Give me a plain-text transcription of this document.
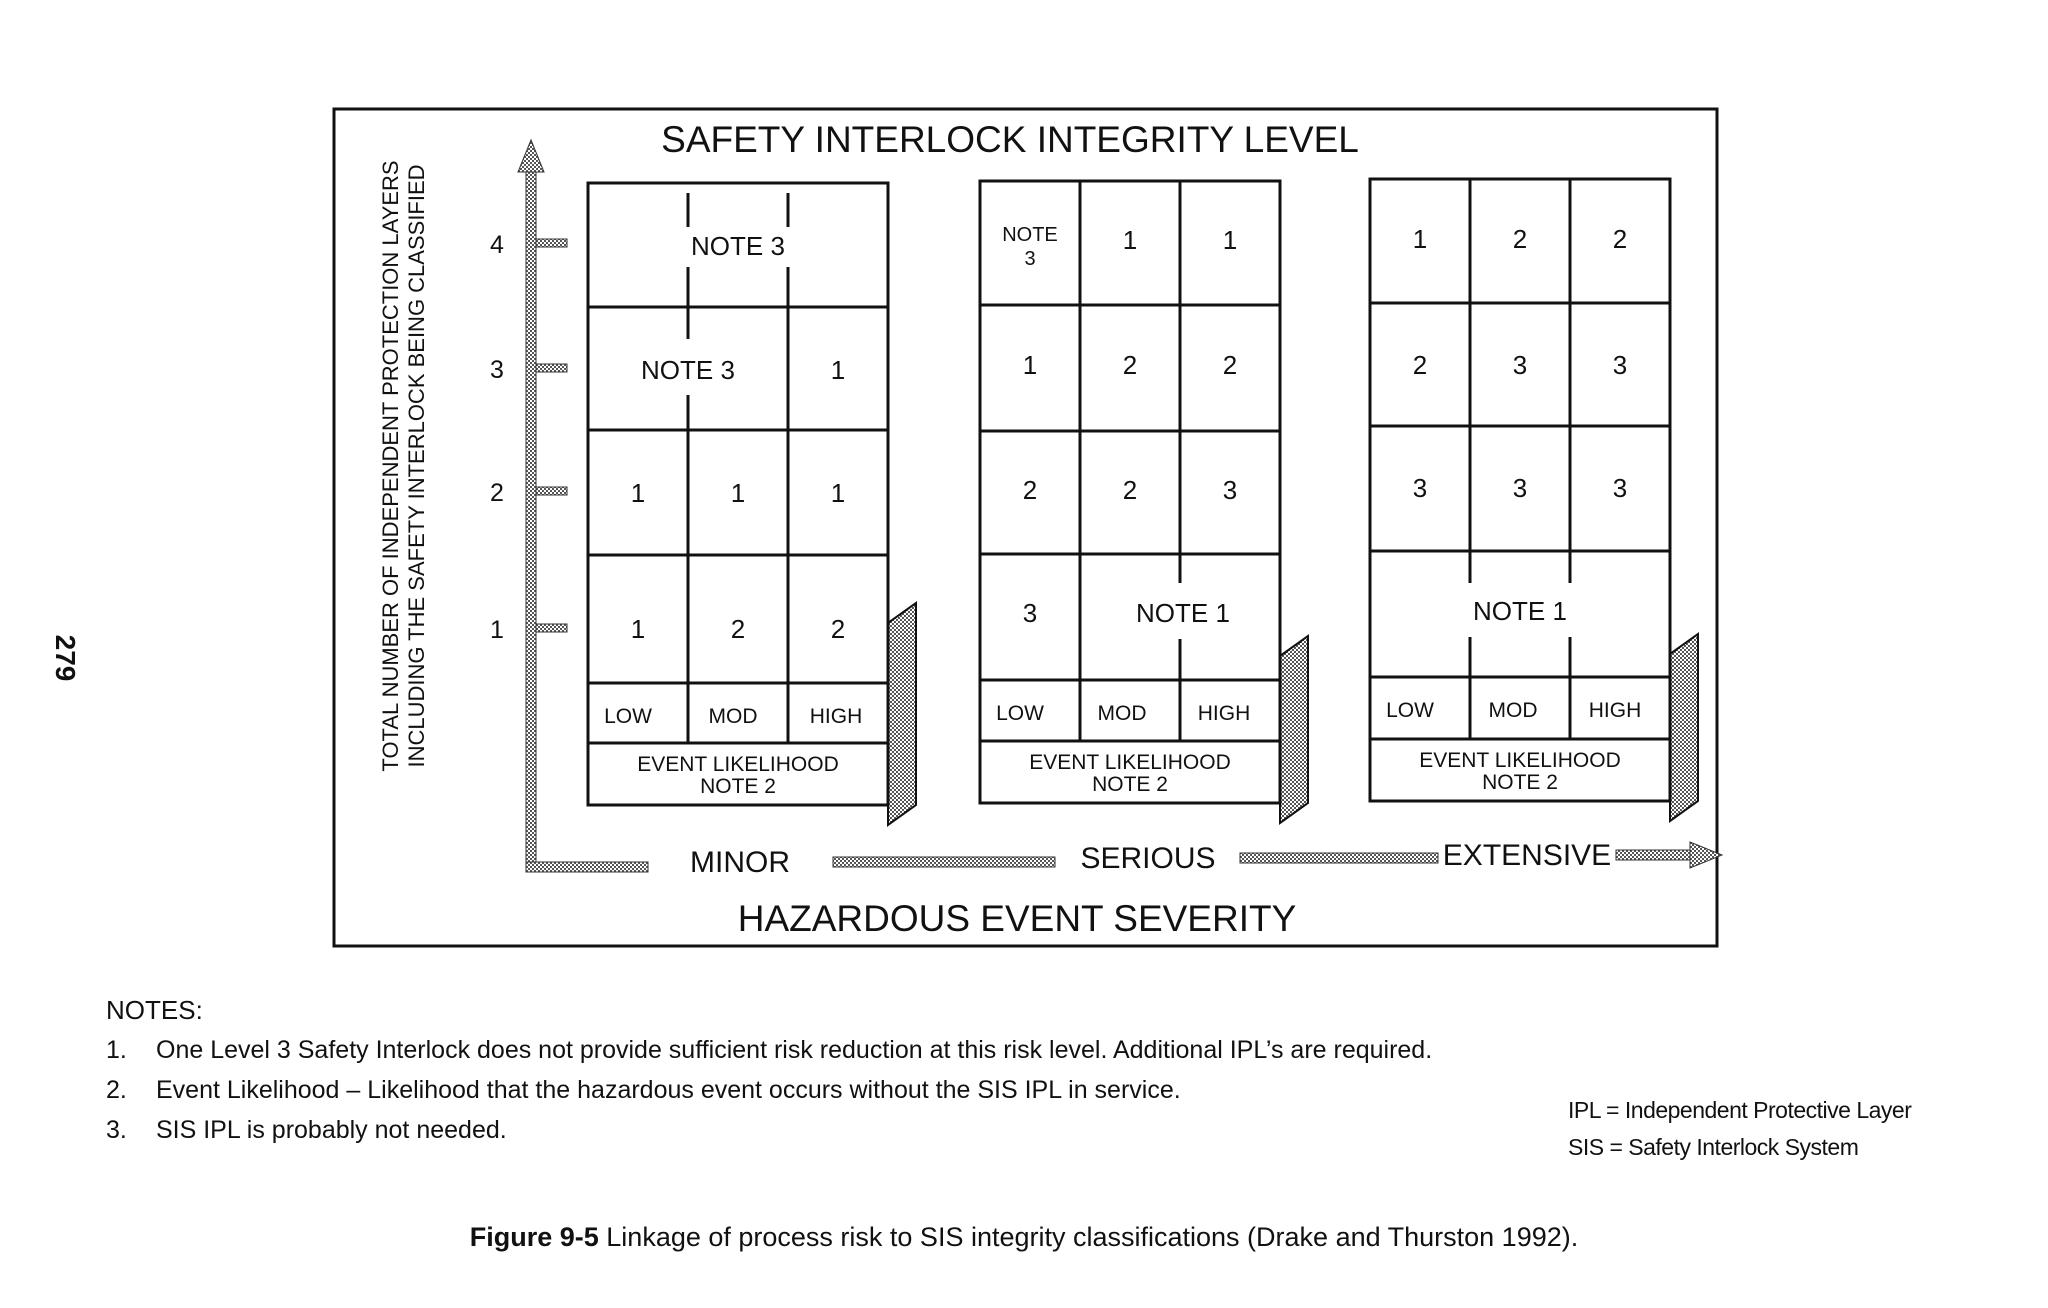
279
SAFETY INTERLOCK INTEGRITY LEVEL
TOTAL NUMBER OF INDEPENDENT PROTECTION LAYERS INCLUDING THE SAFETY INTERLOCK BEING CLASSIFIED 4
3
2
1
MINOR	SERIOUS	EXTENSIVE
HAZARDOUS EVENT SEVERITY
NOTE 3
NOTE 3	1
1	1	1
1	2	2
LOW	MOD HIGH
EVENT LIKELIHOOD
NOTE 2
NOTE
3
1	1
1	2	2
2	2	3
3	NOTE 1
LOW	MOD HIGH
EVENT LIKELIHOOD
NOTE 2
1	2	2
2	3	3
3	3	3
NOTE 1
LOW	MOD HIGH
EVENT LIKELIHOOD
NOTE 2
NOTES:
1.	One Level 3 Safety Interlock does not provide sufficient risk reduction at this risk level. Additional IPL’s are required.
2.	Event Likelihood – Likelihood that the hazardous event occurs without the SIS IPL in service.
3.	SIS IPL is probably not needed.
IPL = Independent Protective Layer
SIS = Safety Interlock System
Figure 9-5 Linkage of process risk to SIS integrity classifications (Drake and Thurston 1992).
